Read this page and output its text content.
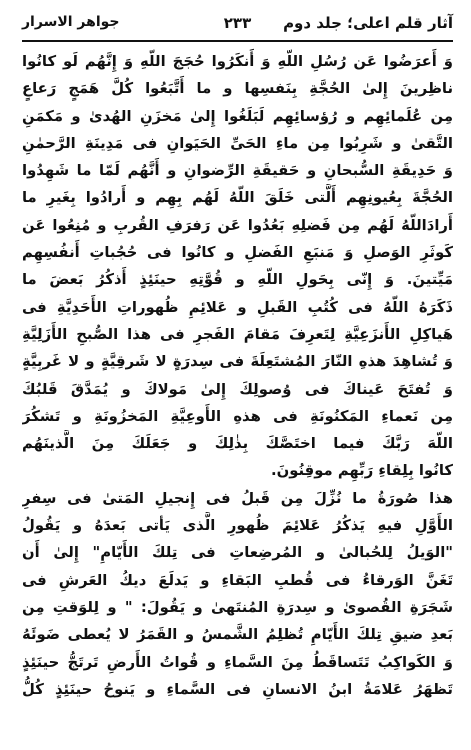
آثار قلم اعلی؛ جلد دوم
۲۳۳
جواهر الاسرار
وَ أَعرَضُوا عَن رُسُلِ اللّهِ وَ أَنكَرُوا حُجَجَ اللّهِ وَ إِنَّهُم لَو كانُوا
ناظِرينَ إِلیٰ الحُجَّةِ بِنَفسِها و ما أَتَّبَعُوا كُلَّ هَمَجٍ رَعاعٍ
مِن عُلَمائِهِم و رُؤسائِهِم لَبَلَغُوا إِلیٰ مَخزَنِ الهُدیٰ و مَكمَنِ
التَّقیٰ و شَرِبُوا مِن ماءِ الحَیِّ الحَیَوانِ فی مَدِینَةِ الرَّحمٰنِ
وَ حَدِيقَةِ السُّبحانِ و حَقيقَةِ الرِّضوانِ و أَنَّهُم لَمّا ما شَهِدُوا
الحُجَّةَ بِعُيونِهِم أَلَّتی خَلَقَ اللّهُ لَهُم بِهِم و أَرادُوا بِغَيرِ ما
أَرادَاللّهُ لَهُم مِن فَضلِهِ بَعُدُوا عَن رَفرَفِ القُربِ و مُنِعُوا عَن
كَوثَرِ الوَصلِ وَ مَنبَعِ الفَضلِ و كانُوا فی حُجُباتِ أَنفُسِهِم
مَيِّتينَ. وَ إِنّی بِحَولِ اللّهِ و قُوَّتِهِ حينَئِذٍ أَذكُرُ بَعضَ ما
ذَكَرَهُ اللّهُ فی كُتُبِ القَبلِ و عَلائِمِ ظُهوراتِ الأَحَدِيَّةِ فی
هَياكِلِ الأَنزَعِيَّةِ لِتَعرِفَ مَقامَ الفَجرِ فی هذا الصُّبحِ الأَزَلِيَّةِ
وَ تُشاهِدَ هذهِ النّارَ المُشتَعِلَةَ فی سِدرَةٍ لا شَرقِيَّةٍ و لا غَربِيَّةٍ
وَ تُفتَحَ عَيناكَ فی وُصولِكَ إِلیٰ مَولاكَ و يُمَدَّقَ قَلبُكَ
مِن نَعماءِ المَكنُونَةِ فی هذهِ الأَوعِيَّةِ المَخزُونَةِ و تَشكُرَ
اللّهَ رَبَّكَ فيما اختَصَّكَ بِذٰلِكَ و جَعَلَكَ مِنَ الَّذينَهُم
كانُوا بِلِقاءِ رَبِّهِم موقِنُونَ.
هذا صُورَةُ ما نُزِّلَ مِن قَبلُ فی إِنجيلِ المَتیٰ فی سِفرِ
الأَوَّلِ فيهِ يَذكُرُ عَلائِمَ ظُهورِ الَّذی يَأتی بَعدَهُ و يَقُولُ
"الوَيلُ لِلحُبالیٰ و المُرضِعاتِ فی تِلكَ الأَيّامِ" إِلیٰ أَن
تَغَنَّ الوَرقاءُ فی قُطبِ البَقاءِ و يَدلَعَ ديكُ العَرشِ فی
شَجَرَةِ القُصویٰ و سِدرَةِ المُنتَهیٰ و يَقُولَ: " و لِلوَقتِ مِن
بَعدِ ضيقِ تِلكَ الأَيّامِ تُظلِمُ الشَّمسُ و القَمَرُ لا يُعطی ضَوئَهُ
وَ الكَواكِبُ تَتَساقَطُ مِنَ السَّماءِ و قُواتُ الأَرضِ تَرتَجُّ حينَئِذٍ
تَظهَرُ عَلامَةُ ابنُ الانسانِ فی السَّماءِ و يَنوحُ حينَئِذٍ كُلُّ
